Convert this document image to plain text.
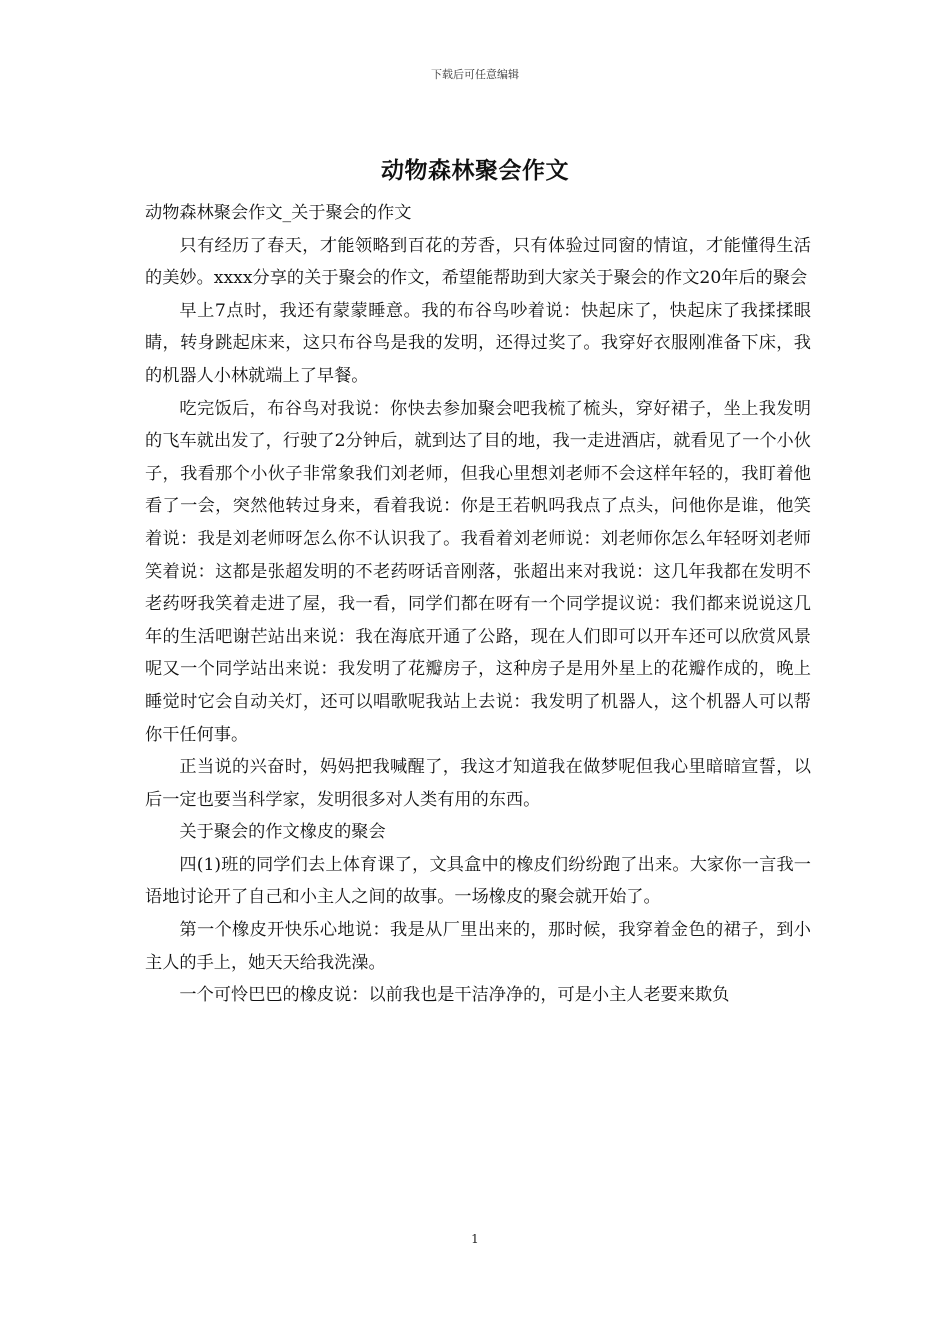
下载后可任意编辑
动物森林聚会作文

动物森林聚会作文_关于聚会的作文

只有经历了春天，才能领略到百花的芳香，只有体验过同窗的情谊，才能懂得生活的美妙。xxxx分享的关于聚会的作文，希望能帮助到大家关于聚会的作文20年后的聚会

早上7点时，我还有蒙蒙睡意。我的布谷鸟吵着说：快起床了，快起床了我揉揉眼睛，转身跳起床来，这只布谷鸟是我的发明，还得过奖了。我穿好衣服刚准备下床，我的机器人小林就端上了早餐。

吃完饭后，布谷鸟对我说：你快去参加聚会吧我梳了梳头，穿好裙子，坐上我发明的飞车就出发了，行驶了2分钟后，就到达了目的地，我一走进酒店，就看见了一个小伙子，我看那个小伙子非常象我们刘老师，但我心里想刘老师不会这样年轻的，我盯着他看了一会，突然他转过身来，看着我说：你是王若帆吗我点了点头，问他你是谁，他笑着说：我是刘老师呀怎么你不认识我了。我看着刘老师说：刘老师你怎么年轻呀刘老师笑着说：这都是张超发明的不老药呀话音刚落，张超出来对我说：这几年我都在发明不老药呀我笑着走进了屋，我一看，同学们都在呀有一个同学提议说：我们都来说说这几年的生活吧谢芒站出来说：我在海底开通了公路，现在人们即可以开车还可以欣赏风景呢又一个同学站出来说：我发明了花瓣房子，这种房子是用外星上的花瓣作成的，晚上睡觉时它会自动关灯，还可以唱歌呢我站上去说：我发明了机器人，这个机器人可以帮你干任何事。

正当说的兴奋时，妈妈把我喊醒了，我这才知道我在做梦呢但我心里暗暗宣誓，以后一定也要当科学家，发明很多对人类有用的东西。

关于聚会的作文橡皮的聚会

四(1)班的同学们去上体育课了，文具盒中的橡皮们纷纷跑了出来。大家你一言我一语地讨论开了自己和小主人之间的故事。一场橡皮的聚会就开始了。

第一个橡皮开快乐心地说：我是从厂里出来的，那时候，我穿着金色的裙子，到小主人的手上，她天天给我洗澡。

一个可怜巴巴的橡皮说：以前我也是干洁净净的，可是小主人老要来欺负

1
